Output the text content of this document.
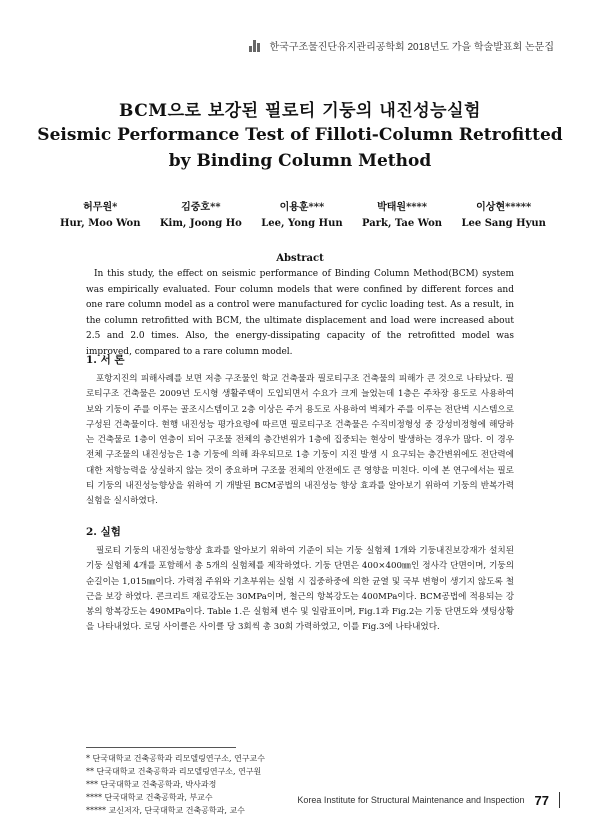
한국구조물진단유지관리공학회 2018년도 가을 학술발표회 논문집
BCM으로 보강된 필로티 기둥의 내진성능실험
Seismic Performance Test of Filloti-Column Retrofitted
by Binding Column Method
허무원*
Hur, Moo Won
김중호**
Kim, Joong Ho
이용훈***
Lee, Yong Hun
박태원****
Park, Tae Won
이상현*****
Lee Sang Hyun
Abstract
In this study, the effect on seismic performance of Binding Column Method(BCM) system was empirically evaluated. Four column models that were confined by different forces and one rare column model as a control were manufactured for cyclic loading test. As a result, in the column retrofitted with BCM, the ultimate displacement and load were increased about 2.5 and 2.0 times. Also, the energy-dissipating capacity of the retrofitted model was improved, compared to a rare column model.
1. 서 론

포항지진의 피해사례를 보면 저층 구조물인 학교 건축물과 필로티구조 건축물의 피해가 큰 것으로 나타났다. 필로티구조 건축물은 2009년 도시형 생활주택이 도입되면서 수요가 크게 늘었는데 1층은 주차장 용도로 사용하여 보와 기둥이 주를 이루는 골조시스템이고 2층 이상은 주거 용도로 사용하여 벽체가 주를 이루는 전단벽 시스템으로 구성된 건축물이다. 현행 내진성능 평가요령에 따르면 필로티구조 건축물은 수직비정형성 중 강성비정형에 해당하는 건축물로 1층이 연층이 되어 구조물 전체의 층간변위가 1층에 집중되는 현상이 발생하는 경우가 많다. 이 경우 전체 구조물의 내진성능은 1층 기둥에 의해 좌우되므로 1층 기둥이 지진 발생 시 요구되는 층간변위에도 전단력에 대한 저항능력을 상실하지 않는 것이 중요하며 구조물 전체의 안전에도 큰 영향을 미친다. 이에 본 연구에서는 필로티 기둥의 내진성능향상을 위하여 기 개발된 BCM공법의 내진성능 향상 효과를 알아보기 위하여 기둥의 반복가력 실험을 실시하였다.

2. 실험

필로티 기둥의 내진성능향상 효과를 알아보기 위하여 기준이 되는 기둥 실험체 1개와 기둥내진보강재가 설치된 기둥 실험체 4개를 포함해서 총 5개의 실험체를 제작하였다. 기둥 단면은 400×400㎜인 정사각 단면이며, 기둥의 순길이는 1,015㎜이다. 가력점 주위와 기초부위는 실험 시 집중하중에 의한 균열 및 국부 변형이 생기지 않도록 철근을 보강 하였다. 콘크리트 재료강도는 30MPa이며, 철근의 항복강도는 400MPa이다. BCM공법에 적용되는 강봉의 항복강도는 490MPa이다. Table 1.은 실험체 변수 및 일람표이며, Fig.1과 Fig.2는 기둥 단면도와 셋팅상황을 나타내었다. 로딩 사이클은 사이클 당 3회씩 총 30회 가력하였고, 이를 Fig.3에 나타내었다.

* 단국대학교 건축공학과 리모델링연구소, 연구교수
** 단국대학교 건축공학과 리모델링연구소, 연구원
*** 단국대학교 건축공학과, 박사과정
**** 단국대학교 건축공학과, 부교수
***** 교신저자, 단국대학교 건축공학과, 교수
Korea Institute for Structural Maintenance and Inspection 77
